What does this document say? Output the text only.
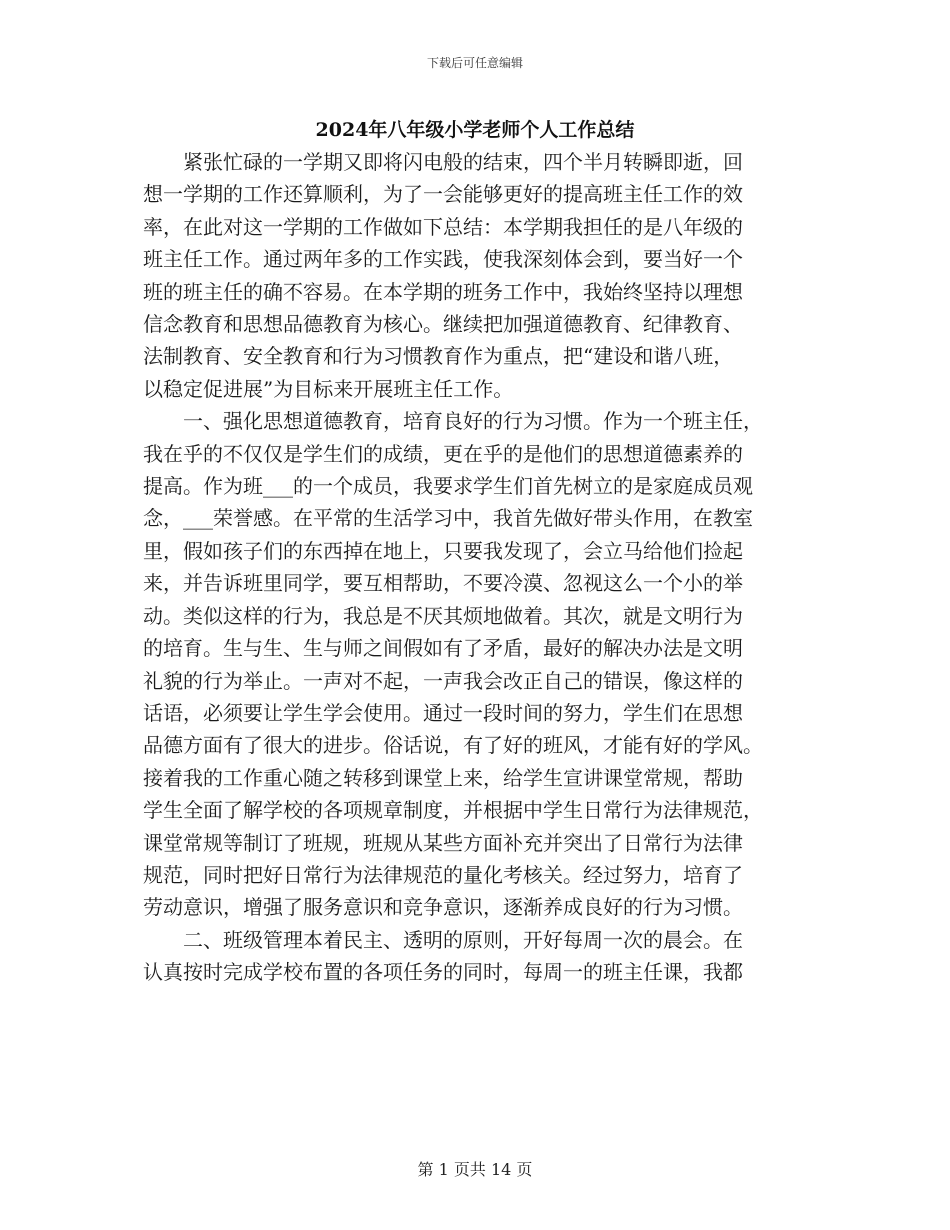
下载后可任意编辑
2024年八年级小学老师个人工作总结
紧张忙碌的一学期又即将闪电般的结束，四个半月转瞬即逝，回
想一学期的工作还算顺利，为了一会能够更好的提高班主任工作的效
率，在此对这一学期的工作做如下总结：本学期我担任的是八年级的
班主任工作。通过两年多的工作实践，使我深刻体会到，要当好一个
班的班主任的确不容易。在本学期的班务工作中，我始终坚持以理想
信念教育和思想品德教育为核心。继续把加强道德教育、纪律教育、
法制教育、安全教育和行为习惯教育作为重点，把“建设和谐八班，
以稳定促进展”为目标来开展班主任工作。
一、强化思想道德教育，培育良好的行为习惯。作为一个班主任，
我在乎的不仅仅是学生们的成绩，更在乎的是他们的思想道德素养的
提高。作为班___的一个成员，我要求学生们首先树立的是家庭成员观
念，___荣誉感。在平常的生活学习中，我首先做好带头作用，在教室
里，假如孩子们的东西掉在地上，只要我发现了，会立马给他们捡起
来，并告诉班里同学，要互相帮助，不要冷漠、忽视这么一个小的举
动。类似这样的行为，我总是不厌其烦地做着。其次，就是文明行为
的培育。生与生、生与师之间假如有了矛盾，最好的解决办法是文明
礼貌的行为举止。一声对不起，一声我会改正自己的错误，像这样的
话语，必须要让学生学会使用。通过一段时间的努力，学生们在思想
品德方面有了很大的进步。俗话说，有了好的班风，才能有好的学风。
接着我的工作重心随之转移到课堂上来，给学生宣讲课堂常规，帮助
学生全面了解学校的各项规章制度，并根据中学生日常行为法律规范，
课堂常规等制订了班规，班规从某些方面补充并突出了日常行为法律
规范，同时把好日常行为法律规范的量化考核关。经过努力，培育了
劳动意识，增强了服务意识和竞争意识，逐渐养成良好的行为习惯。
二、班级管理本着民主、透明的原则，开好每周一次的晨会。在
认真按时完成学校布置的各项任务的同时，每周一的班主任课，我都
第 1 页共 14 页
